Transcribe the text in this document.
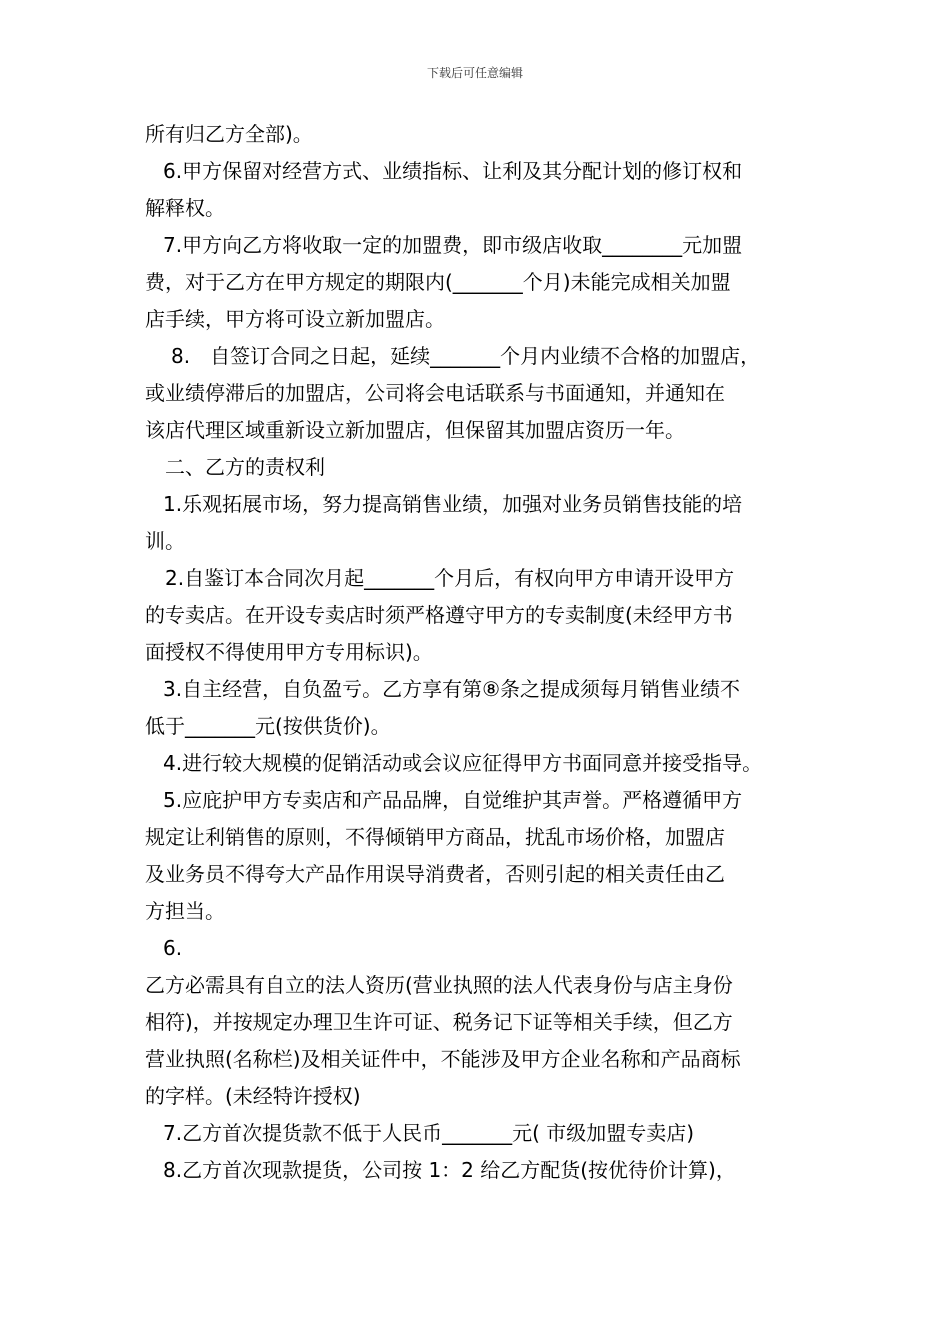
下载后可任意编辑
所有归乙方全部)。
6.甲方保留对经营方式、业绩指标、让利及其分配计划的修订权和
解释权。
7.甲方向乙方将收取一定的加盟费，即市级店收取________元加盟
费，对于乙方在甲方规定的期限内(_______个月)未能完成相关加盟
店手续，甲方将可设立新加盟店。
8.　自签订合同之日起，延续_______个月内业绩不合格的加盟店，
或业绩停滞后的加盟店，公司将会电话联系与书面通知，并通知在
该店代理区域重新设立新加盟店，但保留其加盟店资历一年。
二、乙方的责权利
1.乐观拓展市场，努力提高销售业绩，加强对业务员销售技能的培
训。
2.自鉴订本合同次月起_______个月后，有权向甲方申请开设甲方
的专卖店。在开设专卖店时须严格遵守甲方的专卖制度(未经甲方书
面授权不得使用甲方专用标识)。
3.自主经营，自负盈亏。乙方享有第⑧条之提成须每月销售业绩不
低于_______元(按供货价)。
4.进行较大规模的促销活动或会议应征得甲方书面同意并接受指导。
5.应庇护甲方专卖店和产品品牌，自觉维护其声誉。严格遵循甲方
规定让利销售的原则，不得倾销甲方商品，扰乱市场价格，加盟店
及业务员不得夸大产品作用误导消费者，否则引起的相关责任由乙
方担当。
6.
乙方必需具有自立的法人资历(营业执照的法人代表身份与店主身份
相符)，并按规定办理卫生许可证、税务记下证等相关手续，但乙方
营业执照(名称栏)及相关证件中，不能涉及甲方企业名称和产品商标
的字样。(未经特许授权)
7.乙方首次提货款不低于人民币_______元( 市级加盟专卖店)
8.乙方首次现款提货，公司按 1：2 给乙方配货(按优待价计算)，
